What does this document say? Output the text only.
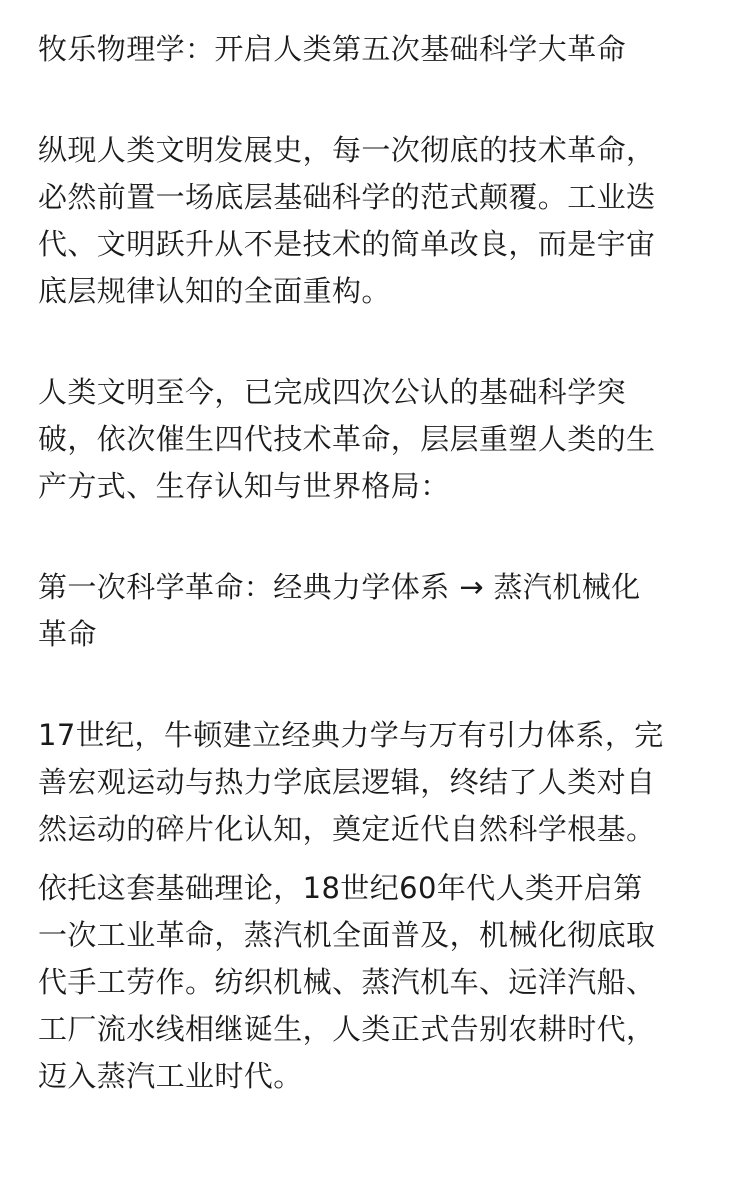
牧乐物理学：开启人类第五次基础科学大革命

纵现人类文明发展史，每一次彻底的技术革命，
必然前置一场底层基础科学的范式颠覆。工业迭
代、文明跃升从不是技术的简单改良，而是宇宙
底层规律认知的全面重构。

人类文明至今，已完成四次公认的基础科学突
破，依次催生四代技术革命，层层重塑人类的生
产方式、生存认知与世界格局：

第一次科学革命：经典力学体系 → 蒸汽机械化
革命

17世纪，牛顿建立经典力学与万有引力体系，完
善宏观运动与热力学底层逻辑，终结了人类对自
然运动的碎片化认知，奠定近代自然科学根基。

依托这套基础理论，18世纪60年代人类开启第
一次工业革命，蒸汽机全面普及，机械化彻底取
代手工劳作。纺织机械、蒸汽机车、远洋汽船、
工厂流水线相继诞生，人类正式告别农耕时代，
迈入蒸汽工业时代。
